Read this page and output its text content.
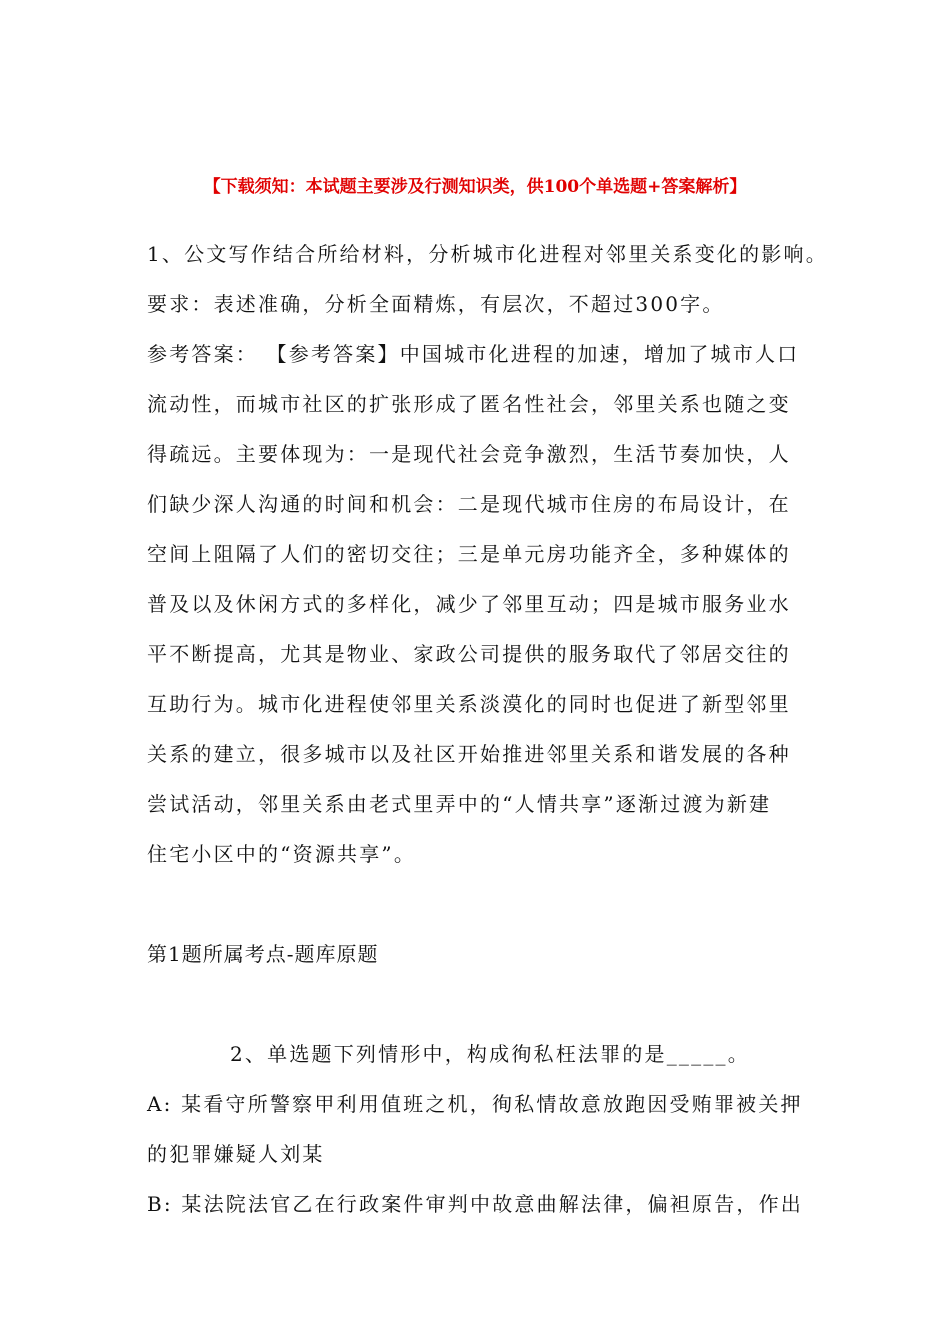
【下载须知：本试题主要涉及行测知识类，供100个单选题+答案解析】
1、公文写作结合所给材料，分析城市化进程对邻里关系变化的影响。
要求：表述准确，分析全面精炼，有层次，不超过300字。
参考答案： 【参考答案】中国城市化进程的加速，增加了城市人口
流动性，而城市社区的扩张形成了匿名性社会，邻里关系也随之变
得疏远。主要体现为：一是现代社会竞争激烈，生活节奏加快，人
们缺少深人沟通的时间和机会：二是现代城市住房的布局设计，在
空间上阻隔了人们的密切交往；三是单元房功能齐全，多种媒体的
普及以及休闲方式的多样化，减少了邻里互动；四是城市服务业水
平不断提高，尤其是物业、家政公司提供的服务取代了邻居交往的
互助行为。城市化进程使邻里关系淡漠化的同时也促进了新型邻里
关系的建立，很多城市以及社区开始推进邻里关系和谐发展的各种
尝试活动，邻里关系由老式里弄中的“人情共享”逐渐过渡为新建
住宅小区中的“资源共享”。
第1题所属考点-题库原题
2、单选题下列情形中，构成徇私枉法罪的是_____。
A: 某看守所警察甲利用值班之机，徇私情故意放跑因受贿罪被关押
的犯罪嫌疑人刘某
B: 某法院法官乙在行政案件审判中故意曲解法律，偏袒原告，作出
